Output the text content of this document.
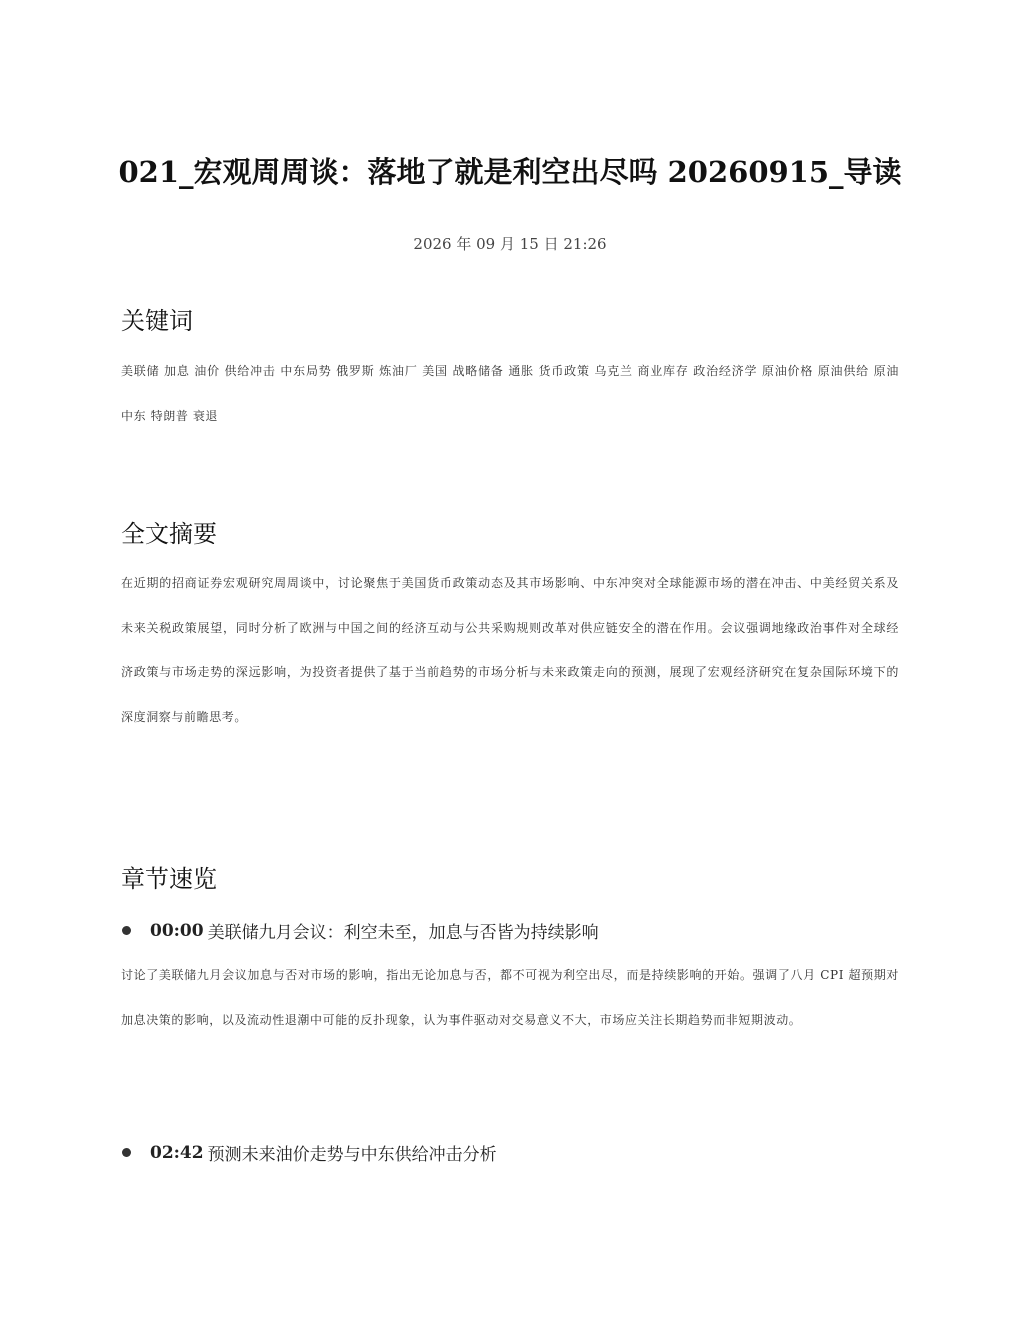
021_宏观周周谈：落地了就是利空出尽吗 20260915_导读
2026 年 09 月 15 日 21:26
关键词
美联储 加息 油价 供给冲击 中东局势 俄罗斯 炼油厂 美国 战略储备 通胀 货币政策 乌克兰 商业库存 政治经济学 原油价格 原油供给 原油 中东 特朗普 衰退
全文摘要
在近期的招商证券宏观研究周周谈中，讨论聚焦于美国货币政策动态及其市场影响、中东冲突对全球能源市场的潜在冲击、中美经贸关系及未来关税政策展望，同时分析了欧洲与中国之间的经济互动与公共采购规则改革对供应链安全的潜在作用。会议强调地缘政治事件对全球经济政策与市场走势的深远影响，为投资者提供了基于当前趋势的市场分析与未来政策走向的预测，展现了宏观经济研究在复杂国际环境下的深度洞察与前瞻思考。
章节速览
00:00 美联储九月会议：利空未至，加息与否皆为持续影响
讨论了美联储九月会议加息与否对市场的影响，指出无论加息与否，都不可视为利空出尽，而是持续影响的开始。强调了八月 CPI 超预期对加息决策的影响，以及流动性退潮中可能的反扑现象，认为事件驱动对交易意义不大，市场应关注长期趋势而非短期波动。
02:42 预测未来油价走势与中东供给冲击分析
